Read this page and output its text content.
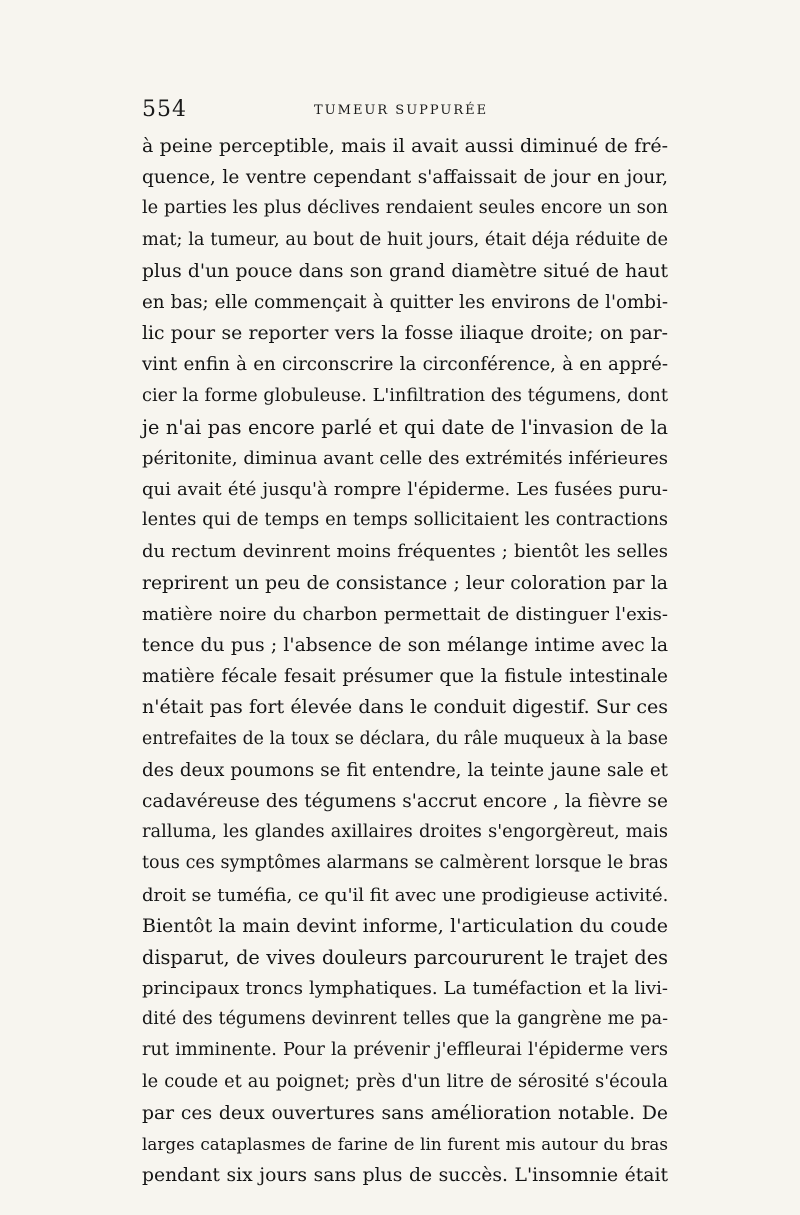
554	TUMEUR SUPPURÉE
à peine perceptible, mais il avait aussi diminué de fré-
quence, le ventre cependant s'affaissait de jour en jour,
le parties les plus déclives rendaient seules encore un son
mat; la tumeur, au bout de huit jours, était déja réduite de
plus d'un pouce dans son grand diamètre situé de haut
en bas; elle commençait à quitter les environs de l'ombi-
lic pour se reporter vers la fosse iliaque droite; on par-
vint enfin à en circonscrire la circonférence, à en appré-
cier la forme globuleuse. L'infiltration des tégumens, dont
je n'ai pas encore parlé et qui date de l'invasion de la
péritonite, diminua avant celle des extrémités inférieures
qui avait été jusqu'à rompre l'épiderme. Les fusées puru-
lentes qui de temps en temps sollicitaient les contractions
du rectum devinrent moins fréquentes ; bientôt les selles
reprirent un peu de consistance ; leur coloration par la
matière noire du charbon permettait de distinguer l'exis-
tence du pus ; l'absence de son mélange intime avec la
matière fécale fesait présumer que la fistule intestinale
n'était pas fort élevée dans le conduit digestif. Sur ces
entrefaites de la toux se déclara, du râle muqueux à la base
des deux poumons se fit entendre, la teinte jaune sale et
cadavéreuse des tégumens s'accrut encore , la fièvre se
ralluma, les glandes axillaires droites s'engorgèreut, mais
tous ces symptômes alarmans se calmèrent lorsque le bras
droit se tuméfia, ce qu'il fit avec une prodigieuse activité.
Bientôt la main devint informe, l'articulation du coude
disparut, de vives douleurs parcoururent le trajet des
principaux troncs lymphatiques. La tuméfaction et la livi-
dité des tégumens devinrent telles que la gangrène me pa-
rut imminente. Pour la prévenir j'effleurai l'épiderme vers
le coude et au poignet; près d'un litre de sérosité s'écoula
par ces deux ouvertures sans amélioration notable. De
larges cataplasmes de farine de lin furent mis autour du bras
pendant six jours sans plus de succès. L'insomnie était
